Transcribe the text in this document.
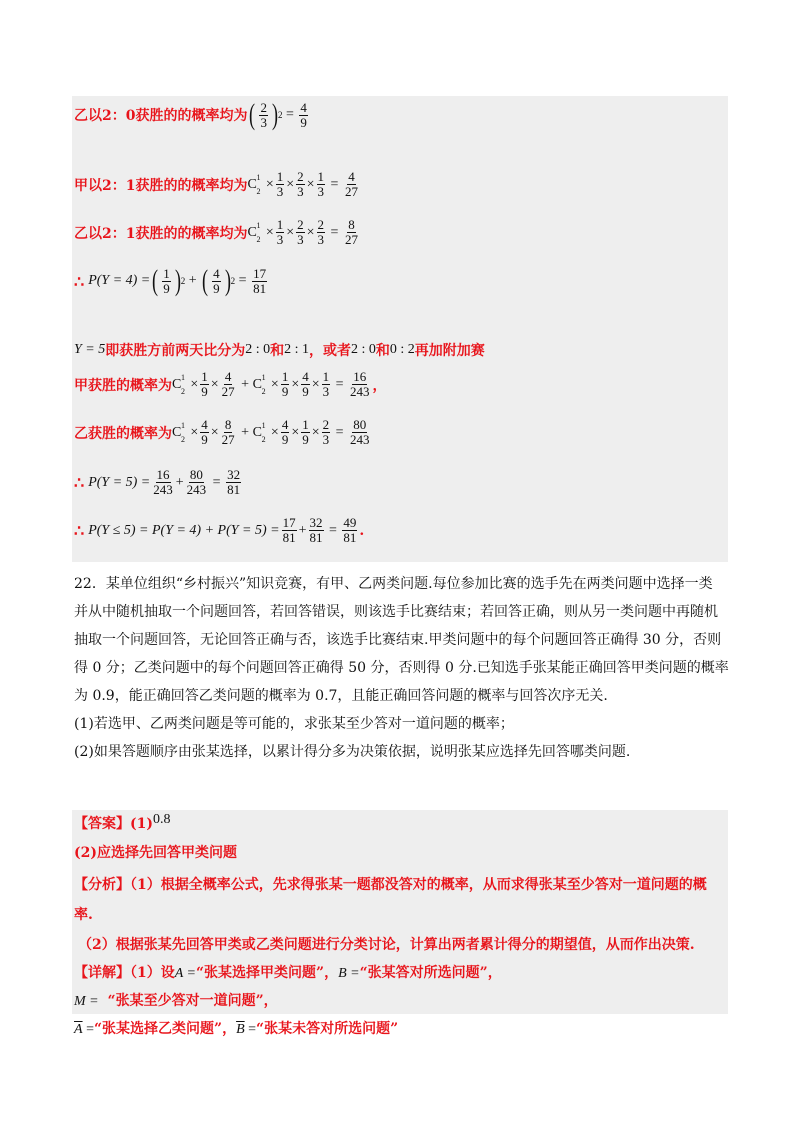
乙以2：0获胜的的概率均为 ( $\frac{2}{3}$ ) $2 = \frac{4}{9}$
甲以2：1获胜的的概率均为 C 1
$2 \times \frac{1}{3} \times \frac{2}{3} \times \frac{1}{3} = \frac{4}{27}$
乙以2：1获胜的的概率均为 C 1
$2 \times \frac{1}{3} \times \frac{2}{3} \times \frac{2}{3} = \frac{8}{27}$
∴ P(Y = 4) = ( $\frac{1}{9}$ ) 2 + ( $\frac{4}{9}$ ) $2 = \frac{17}{81}$
Y = 5 即获胜方前两天比分为 2 : 0 和 2 : 1 ，或者 2 : 0 和 0 : 2 再加附加赛
甲获胜的概率为 C 1
$2 \times \frac{1}{9} \times \frac{4}{27} + C$ 1
$2 \times \frac{1}{9} \times \frac{4}{9} \times \frac{1}{3} = \frac{16}{243}$ ，
乙获胜的概率为 C 1
$2 \times \frac{4}{9} \times \frac{8}{27} + C$ 1
$2 \times \frac{4}{9} \times \frac{1}{9} \times \frac{2}{3} = \frac{80}{243}$
∴ $P(Y = 5) = \frac{16}{243} + \frac{80}{243} = \frac{32}{81}$
∴ $P(Y \le 5) = P(Y = 4) + P(Y = 5) = \frac{17}{81} + \frac{32}{81} = \frac{49}{81}$ .
22．某单位组织“乡村振兴”知识竞赛，有甲、乙两类问题.每位参加比赛的选手先在两类问题中选择一类
并从中随机抽取一个问题回答，若回答错误，则该选手比赛结束；若回答正确，则从另一类问题中再随机
抽取一个问题回答，无论回答正确与否，该选手比赛结束.甲类问题中的每个问题回答正确得 30 分，否则
得 0 分；乙类问题中的每个问题回答正确得 50 分，否则得 0 分.已知选手张某能正确回答甲类问题的概率
为 0.9，能正确回答乙类问题的概率为 0.7，且能正确回答问题的概率与回答次序无关.
(1)若选甲、乙两类问题是等可能的，求张某至少答对一道问题的概率；
(2)如果答题顺序由张某选择，以累计得分多为决策依据，说明张某应选择先回答哪类问题.
【答案】(1)0.8
(2)应选择先回答甲类问题
【分析】（1）根据全概率公式，先求得张某一题都没答对的概率，从而求得张某至少答对一道问题的概
率.
（2）根据张某先回答甲类或乙类问题进行分类讨论，计算出两者累计得分的期望值，从而作出决策.
【详解】（1）设A =“张某选择甲类问题”，B =“张某答对所选问题”，
M = “张某至少答对一道问题”，
$\overline{A}$ =“张某选择乙类问题”，$\overline{B}$ =“张某未答对所选问题”
